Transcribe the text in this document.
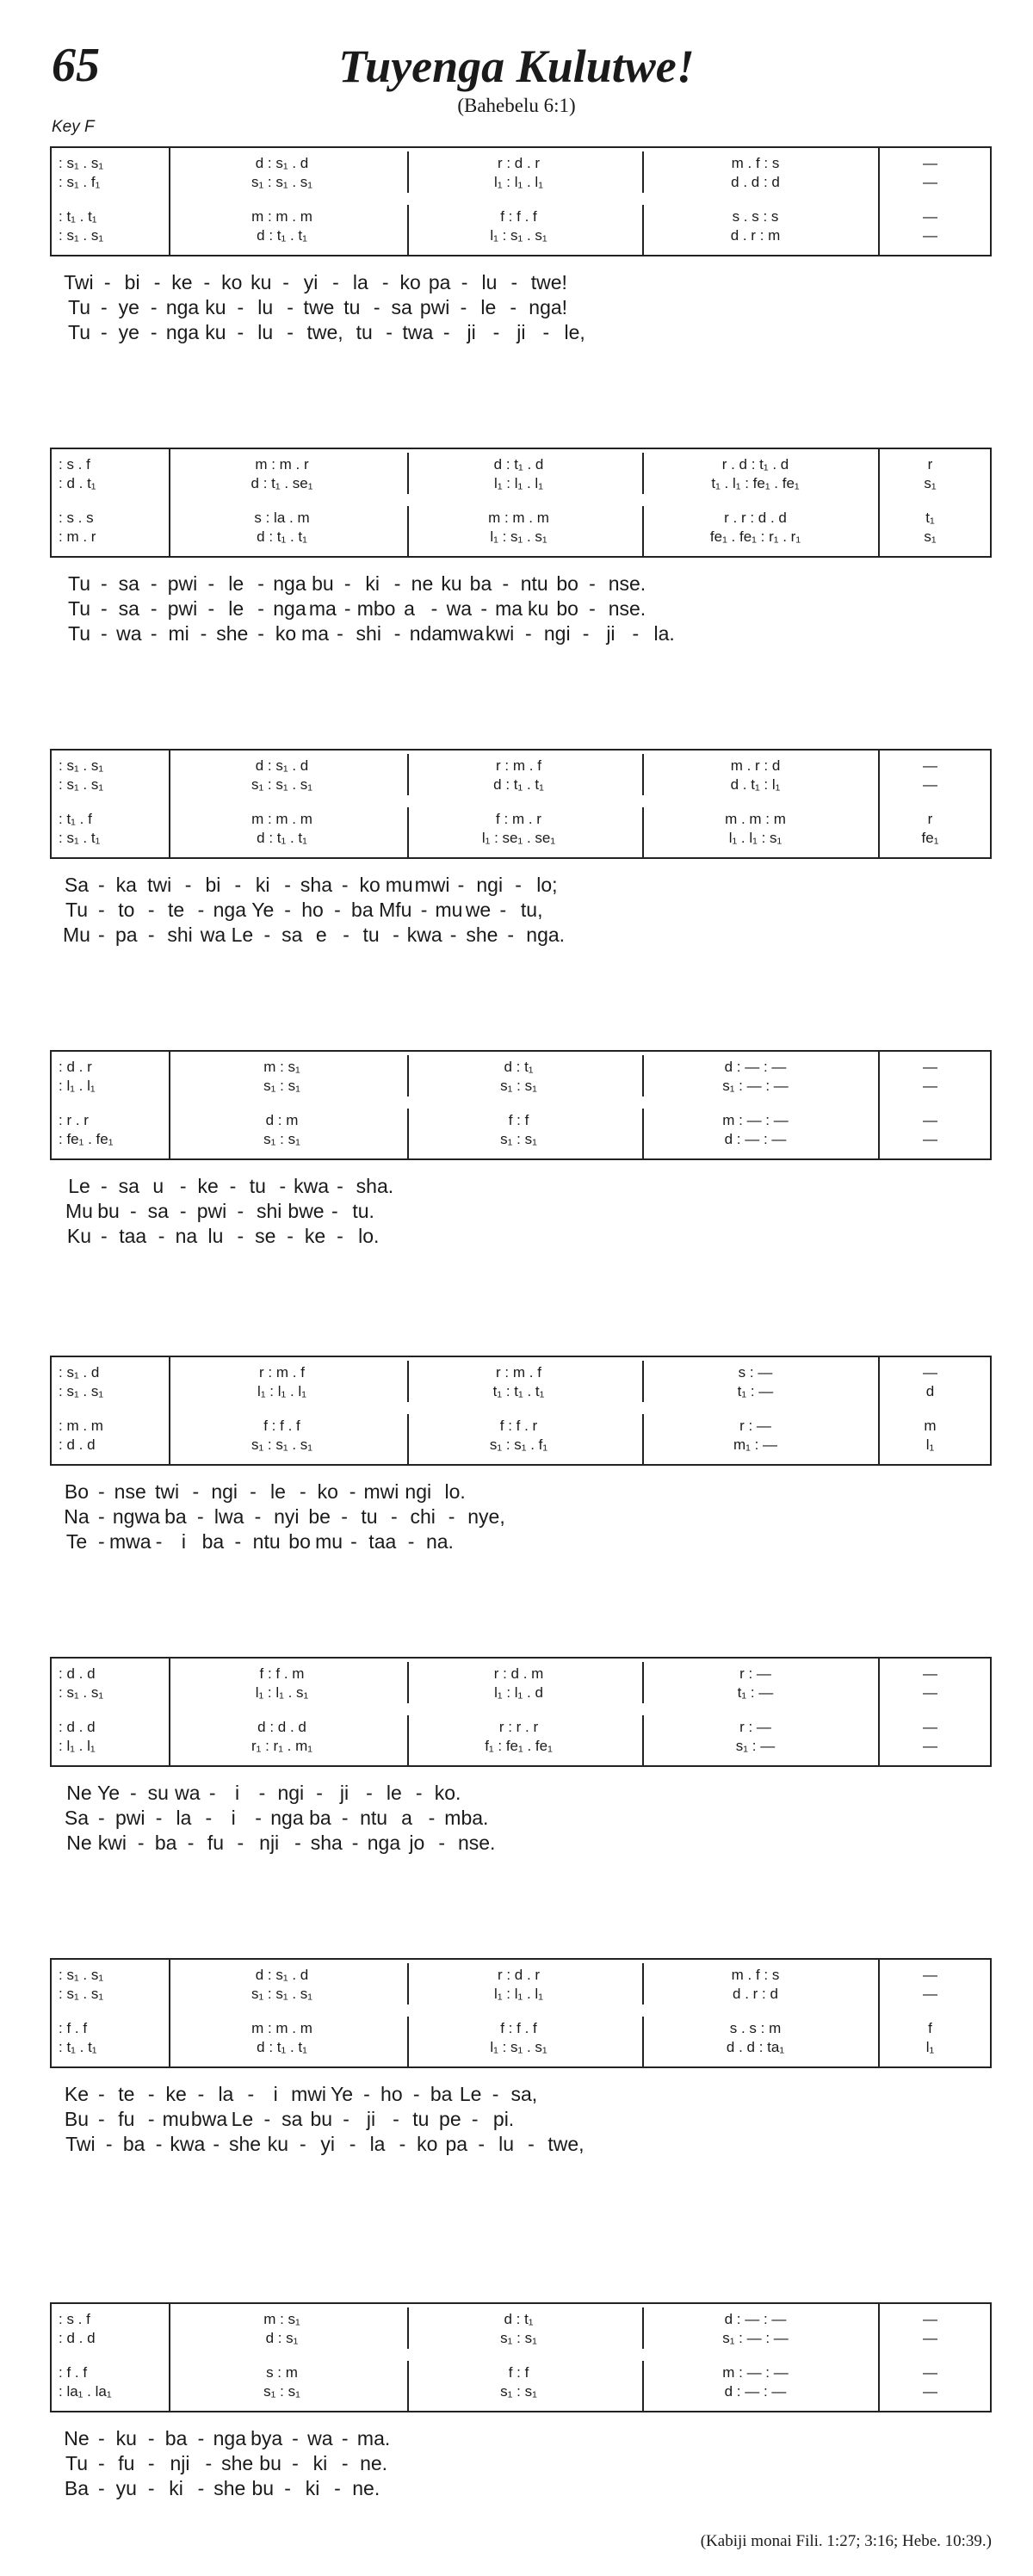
65	Tuyenga Kulutwe!
(Bahebelu 6:1)
Key F
: s₁ . s₁	d : s₁ . d	r : d . r	m . f : s	—
: s₁ . f₁	s₁ : s₁ . s₁	l₁ : l₁ . l₁	d . d : d	—
: t₁ . t₁	m : m . m	f : f . f	s . s : s	—
: s₁ . s₁	d : t₁ . t₁	l₁ : s₁ . s₁	d . r : m	—
: s . f	m : m . r	d : t₁ . d	r . d : t₁ . d	r
: d . t₁	d : t₁ . se₁	l₁ : l₁ . l₁	t₁ . l₁ : fe₁ . fe₁	s₁
: s . s	s : la . m	m : m . m	r . r : d . d	t₁
: m . r	d : t₁ . t₁	l₁ : s₁ . s₁	fe₁ . fe₁ : r₁ . r₁	s₁
: s₁ . s₁	d : s₁ . d	r : m . f	m . r : d	—
: s₁ . s₁	s₁ : s₁ . s₁	d : t₁ . t₁	d . t₁ : l₁	—
: t₁ . f	m : m . m	f : m . r	m . m : m	r
: s₁ . t₁	d : t₁ . t₁	l₁ : se₁ . se₁	l₁ . l₁ : s₁	fe₁
: d . r	m : s₁	d : t₁	d : — : —	—
: l₁ . l₁	s₁ : s₁	s₁ : s₁	s₁ : — : —	—
: r . r	d : m	f : f	m : — : —	—
: fe₁ . fe₁	s₁ : s₁	s₁ : s₁	d : — : —	—
: s₁ . d	r : m . f	r : m . f	s : —	—
: s₁ . s₁	l₁ : l₁ . l₁	t₁ : t₁ . t₁	t₁ : —	d
: m . m	f : f . f	f : f . r	r : —	m
: d . d	s₁ : s₁ . s₁	s₁ : s₁ . f₁	m₁ : —	l₁
: d . d	f : f . m	r : d . m	r : —	—
: s₁ . s₁	l₁ : l₁ . s₁	l₁ : l₁ . d	t₁ : —	—
: d . d	d : d . d	r : r . r	r : —	—
: l₁ . l₁	r₁ : r₁ . m₁	f₁ : fe₁ . fe₁	s₁ : —	—
: s₁ . s₁	d : s₁ . d	r : d . r	m . f : s	—
: s₁ . s₁	s₁ : s₁ . s₁	l₁ : l₁ . l₁	d . r : d	—
: f . f	m : m . m	f : f . f	s . s : m	f
: t₁ . t₁	d : t₁ . t₁	l₁ : s₁ . s₁	d . d : ta₁	l₁
: s . f	m : s₁	d : t₁	d : — : —	—
: d . d	d : s₁	s₁ : s₁	s₁ : — : —	—
: f . f	s : m	f : f	m : — : —	—
: la₁ . la₁	s₁ : s₁	s₁ : s₁	d : — : —	—
(Kabiji monai Fili. 1:27; 3:16; Hebe. 10:39.)
Twi - bi - ke - ko ku - yi - la - ko pa - lu - twe!
Tu - ye - nga ku - lu - twe tu - sa pwi - le - nga!
Tu - ye - nga ku - lu - twe, tu - twa - ji - ji - le,
Tu - sa - pwi - le - nga bu - ki - ne ku ba - ntu bo - nse.
Tu - sa - pwi - le - nga ma - mbo a - wa - ma ku bo - nse.
Tu - wa - mi - she - ko ma - shi - nda mwa kwi - ngi - ji - la.
Sa - ka twi - bi - ki - sha - ko mu mwi - ngi - lo;
Tu - to - te - nga Ye - ho - ba Mfu - mu we - tu,
Mu - pa - shi wa Le - sa e - tu - kwa - she - nga.
Le - sa u - ke - tu - kwa - sha.
Mu bu - sa - pwi - shi bwe - tu.
Ku - taa - na lu - se - ke - lo.
Bo - nse twi - ngi - le - ko - mwi ngi lo.
Na - ngwa ba - lwa - nyi be - tu - chi - nye,
Te - mwa - i ba - ntu bo mu - taa - na.
Ne Ye - su wa - i - ngi - ji - le - ko.
Sa - pwi - la - i - nga ba - ntu a - mba.
Ne kwi - ba - fu - nji - sha - nga jo - nse.
Ke - te - ke - la - i mwi Ye - ho - ba Le - sa,
Bu - fu - mu bwa Le - sa bu - ji - tu pe - pi.
Twi - ba - kwa - she ku - yi - la - ko pa - lu - twe,
Ne - ku - ba - nga bya - wa - ma.
Tu - fu - nji - she bu - ki - ne.
Ba - yu - ki - she bu - ki - ne.
